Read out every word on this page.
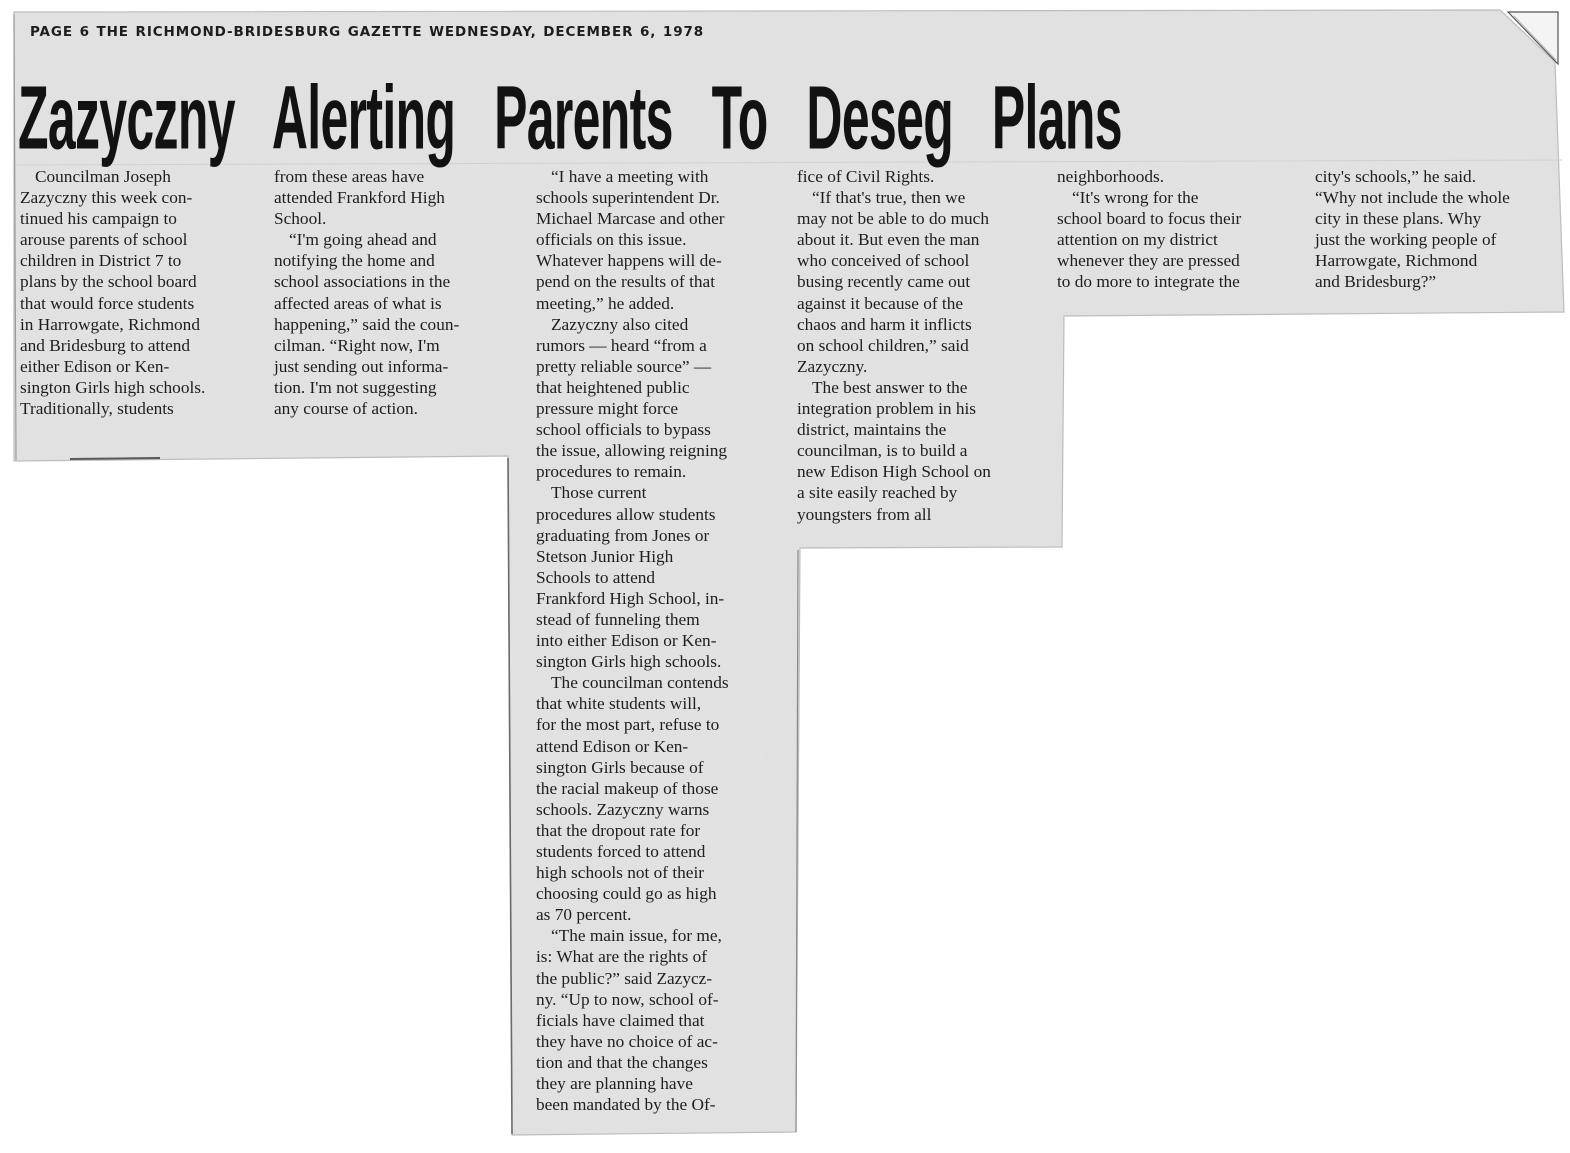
PAGE 6 THE RICHMOND-BRIDESBURG GAZETTE WEDNESDAY, DECEMBER 6, 1978
Zazyczny Alerting Parents To Deseg Plans

Councilman Joseph
Zazyczny this week con-
tinued his campaign to
arouse parents of school
children in District 7 to
plans by the school board
that would force students
in Harrowgate, Richmond
and Bridesburg to attend
either Edison or Ken-
sington Girls high schools.
Traditionally, students

from these areas have
attended Frankford High
School.

“I'm going ahead and
notifying the home and
school associations in the
affected areas of what is
happening,” said the coun-
cilman. “Right now, I'm
just sending out informa-
tion. I'm not suggesting
any course of action.

“I have a meeting with
schools superintendent Dr.
Michael Marcase and other
officials on this issue.
Whatever happens will de-
pend on the results of that
meeting,” he added.

Zazyczny also cited
rumors — heard “from a
pretty reliable source” —
that heightened public
pressure might force
school officials to bypass
the issue, allowing reigning
procedures to remain.

Those current
procedures allow students
graduating from Jones or
Stetson Junior High
Schools to attend
Frankford High School, in-
stead of funneling them
into either Edison or Ken-
sington Girls high schools.

The councilman contends
that white students will,
for the most part, refuse to
attend Edison or Ken-
sington Girls because of
the racial makeup of those
schools. Zazyczny warns
that the dropout rate for
students forced to attend
high schools not of their
choosing could go as high
as 70 percent.

“The main issue, for me,
is: What are the rights of
the public?” said Zazycz-
ny. “Up to now, school of-
ficials have claimed that
they have no choice of ac-
tion and that the changes
they are planning have
been mandated by the Of-

fice of Civil Rights.

“If that's true, then we
may not be able to do much
about it. But even the man
who conceived of school
busing recently came out
against it because of the
chaos and harm it inflicts
on school children,” said
Zazyczny.

The best answer to the
integration problem in his
district, maintains the
councilman, is to build a
new Edison High School on
a site easily reached by
youngsters from all

neighborhoods.

“It's wrong for the
school board to focus their
attention on my district
whenever they are pressed
to do more to integrate the

city's schools,” he said.
“Why not include the whole
city in these plans. Why
just the working people of
Harrowgate, Richmond
and Bridesburg?”
